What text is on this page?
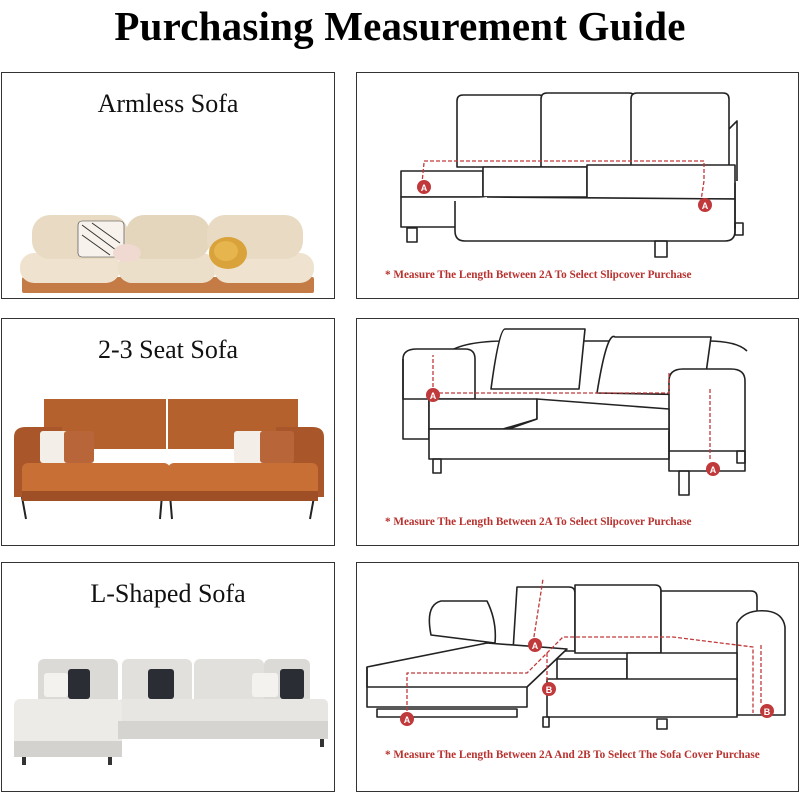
Purchasing Measurement Guide
Armless Sofa
A
A
* Measure The Length Between 2A To Select Slipcover Purchase
2-3 Seat Sofa
A
A
* Measure The Length Between 2A To Select Slipcover Purchase
L-Shaped Sofa
A
A
B
B
* Measure The Length Between 2A And 2B To Select The Sofa Cover Purchase
